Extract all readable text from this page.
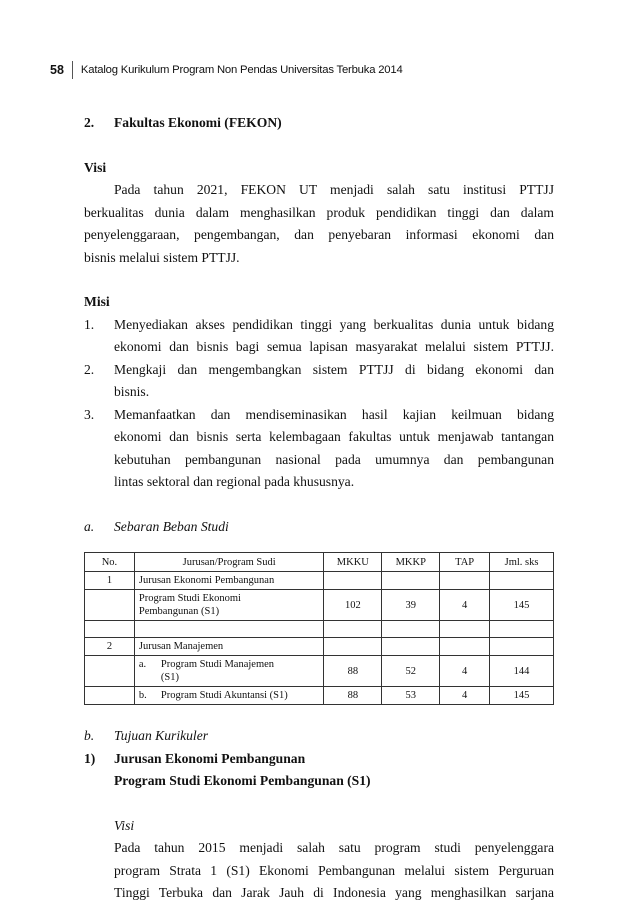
58 Katalog Kurikulum Program Non Pendas Universitas Terbuka 2014
2.	Fakultas Ekonomi (FEKON)

Visi

Pada tahun 2021, FEKON UT menjadi salah satu institusi PTTJJ

berkualitas dunia dalam menghasilkan produk pendidikan tinggi dan dalam

penyelenggaraan, pengembangan, dan penyebaran informasi ekonomi dan

bisnis melalui sistem PTTJJ.

Misi

1.	Menyediakan akses pendidikan tinggi yang berkualitas dunia untuk bidang
ekonomi dan bisnis bagi semua lapisan masyarakat melalui sistem PTTJJ.
2.	Mengkaji dan mengembangkan sistem PTTJJ di bidang ekonomi dan
bisnis.
3.	Memanfaatkan dan mendiseminasikan hasil kajian keilmuan bidang
ekonomi dan bisnis serta kelembagaan fakultas untuk menjawab tantangan
kebutuhan pembangunan nasional pada umumnya dan pembangunan
lintas sektoral dan regional pada khususnya.
a.	Sebaran Beban Studi
No.	Jurusan/Program Sudi	MKKU	MKKP	TAP	Jml. sks
1	Jurusan Ekonomi Pembangunan				

	Program Studi Ekonomi
Pembangunan (S1)	102	39	4	145

2	Jurusan Manajemen				

	a. Program Studi Manajemen
(S1)	88	52	4	144

	b. Program Studi Akuntansi (S1)	88	53	4	145
b.	Tujuan Kurikuler
1)	Jurusan Ekonomi Pembangunan

Program Studi Ekonomi Pembangunan (S1)

Visi

Pada tahun 2015 menjadi salah satu program studi penyelenggara

program Strata 1 (S1) Ekonomi Pembangunan melalui sistem Perguruan

Tinggi Terbuka dan Jarak Jauh di Indonesia yang menghasilkan sarjana
